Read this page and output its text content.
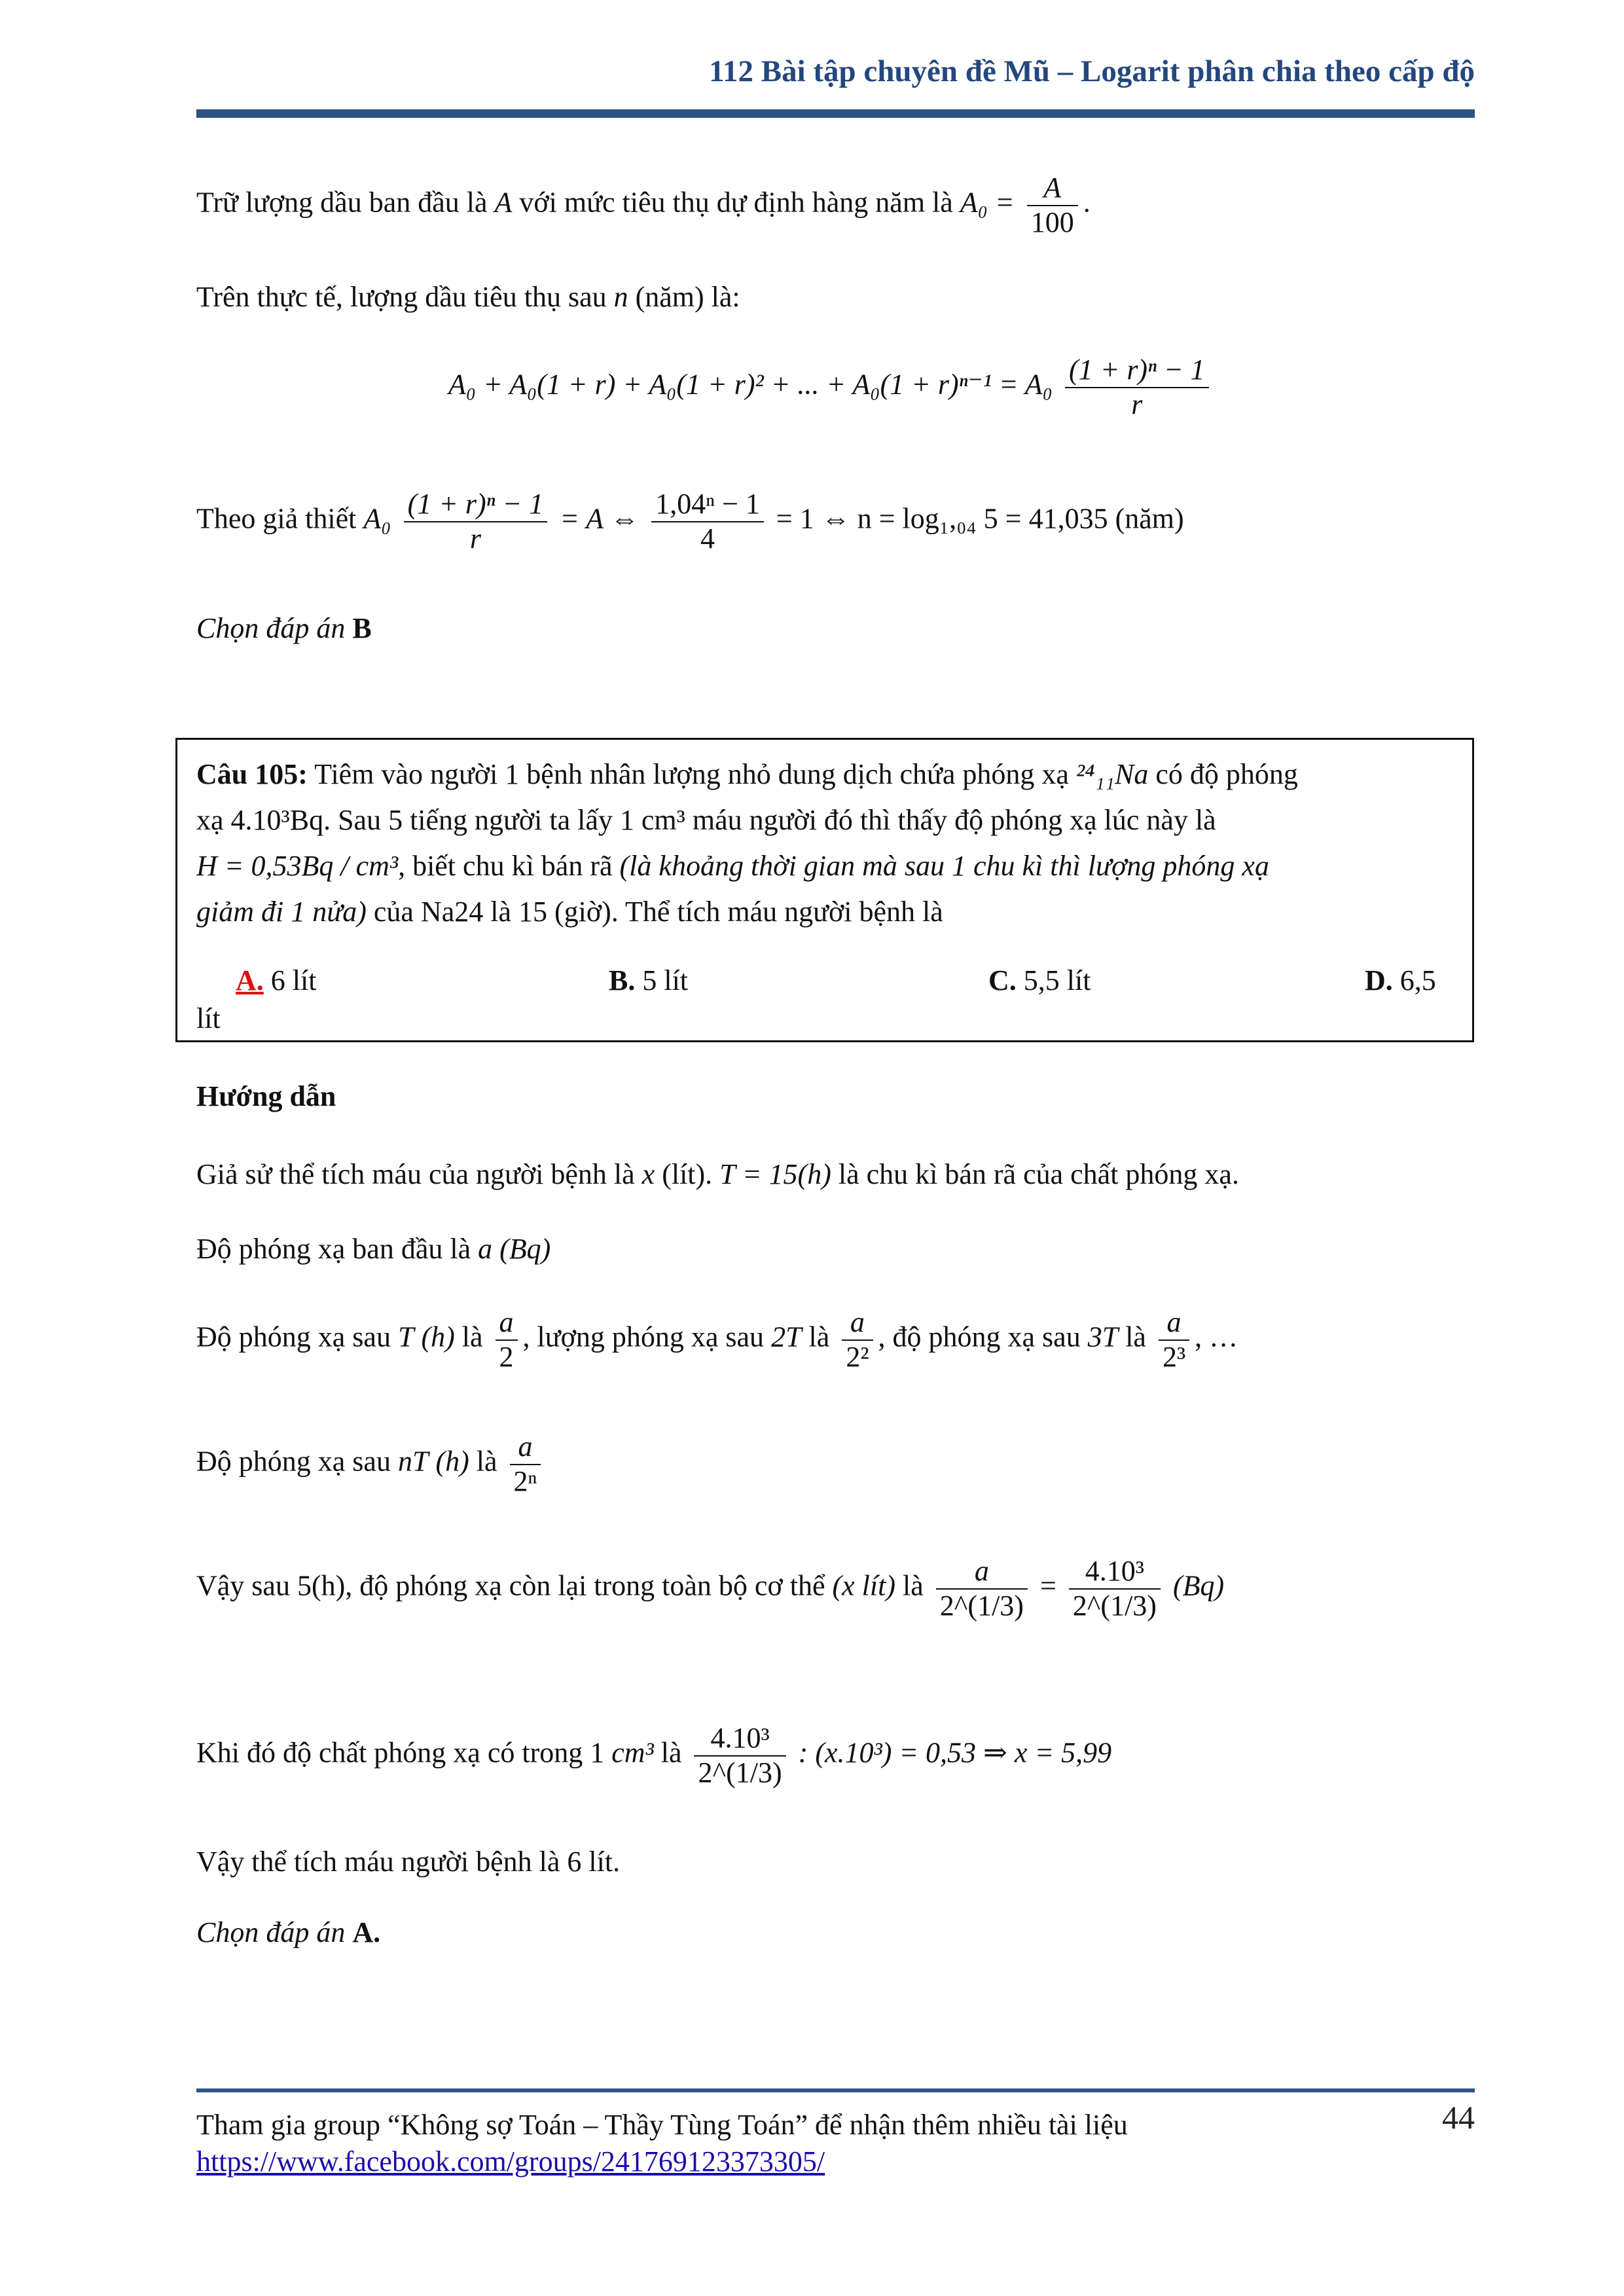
112 Bài tập chuyên đề Mũ – Logarit phân chia theo cấp độ
Trữ lượng dầu ban đầu là A với mức tiêu thụ dự định hàng năm là $A_0 = \frac{A}{100}$ .
Trên thực tế, lượng dầu tiêu thụ sau n (năm) là:
A₀ + A₀(1 + r) + A₀(1 + r)² + ... + $A_0(1 + r)^{n-1} = A_0 \frac{\text{(1 + r)ⁿ − 1}}{r}$
Theo giả thiết $A_0 \frac{\text{(1 + r)ⁿ − 1}}{r} = A$ ⇔ $\frac{\text{1,04ⁿ − 1}}{4} = 1$ ⇔ n = log₁,₀₄ 5 = 41,035 (năm)
Chọn đáp án B
Câu 105: Tiêm vào người 1 bệnh nhân lượng nhỏ dung dịch chứa phóng xạ ²⁴₁₁Na có độ phóng
xạ 4.10³Bq. Sau 5 tiếng người ta lấy 1 cm³ máu người đó thì thấy độ phóng xạ lúc này là
H = 0,53Bq / cm³, biết chu kì bán rã (là khoảng thời gian mà sau 1 chu kì thì lượng phóng xạ
giảm đi 1 nửa) của Na24 là 15 (giờ). Thể tích máu người bệnh là
A. 6 lít	B. 5 lít	C. 5,5 lít	D. 6,5
lít
Hướng dẫn
Giả sử thể tích máu của người bệnh là x (lít). T = 15(h) là chu kì bán rã của chất phóng xạ.
Độ phóng xạ ban đầu là a (Bq)
Độ phóng xạ sau T (h) là $\frac{a}{2}$ , lượng phóng xạ sau 2T là $\frac{a}{\text{2²}}$ , độ phóng xạ sau 3T là $\frac{a}{\text{2³}}$ , …
Độ phóng xạ sau nT (h) là $\frac{a}{\text{2ⁿ}}$
Vậy sau 5(h), độ phóng xạ còn lại trong toàn bộ cơ thể (x lít) là $\frac{a}{2\^{}(1/3)} = \frac{\text{4.10³}}{2\^{}(1/3)} (Bq)$
Khi đó độ chất phóng xạ có trong 1 cm³ là $\frac{\text{4.10³}}{2\^{}(1/3)}$ : (x.10³) = 0,53 ⇒ x = 5,99
Vậy thể tích máu người bệnh là 6 lít.
Chọn đáp án A.
Tham gia group “Không sợ Toán – Thầy Tùng Toán” để nhận thêm nhiều tài liệu
https://www.facebook.com/groups/241769123373305/
44
